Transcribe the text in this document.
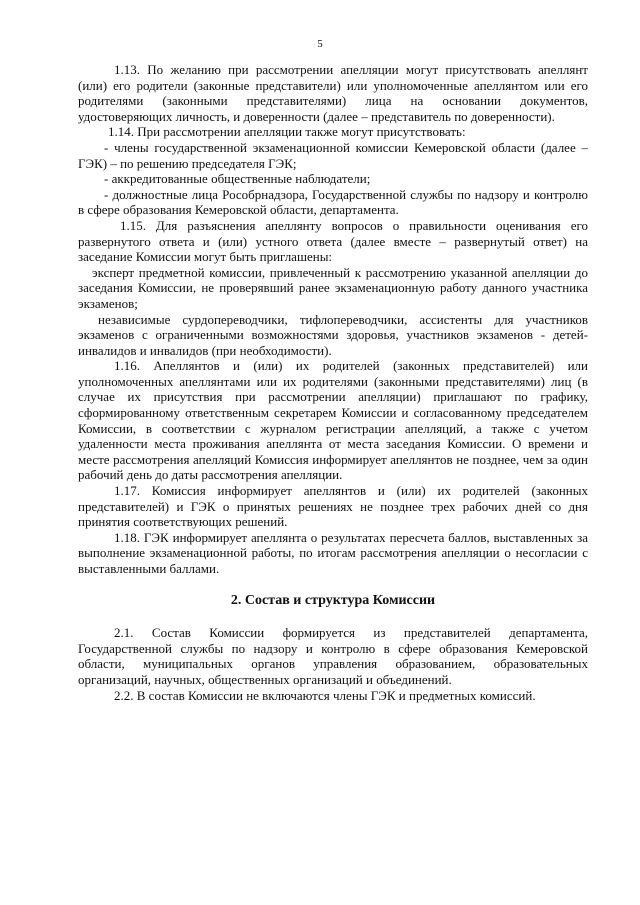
5

1.13. По желанию при рассмотрении апелляции могут присутствовать апеллянт (или) его родители (законные представители) или уполномоченные апеллянтом или его родителями (законными представителями) лица на основании документов, удостоверяющих личность, и доверенности (далее – представитель по доверенности).

1.14. При рассмотрении апелляции также могут присутствовать:

- члены государственной экзаменационной комиссии Кемеровской области (далее – ГЭК) – по решению председателя ГЭК;

- аккредитованные общественные наблюдатели;

- должностные лица Рособрнадзора, Государственной службы по надзору и контролю в сфере образования Кемеровской области, департамента.

1.15. Для разъяснения апеллянту вопросов о правильности оценивания его развернутого ответа и (или) устного ответа (далее вместе – развернутый ответ) на заседание Комиссии могут быть приглашены:

эксперт предметной комиссии, привлеченный к рассмотрению указанной апелляции до заседания Комиссии, не проверявший ранее экзаменационную работу данного участника экзаменов;

независимые сурдопереводчики, тифлопереводчики, ассистенты для участников экзаменов с ограниченными возможностями здоровья, участников экзаменов - детей-инвалидов и инвалидов (при необходимости).

1.16. Апеллянтов и (или) их родителей (законных представителей) или уполномоченных апеллянтами или их родителями (законными представителями) лиц (в случае их присутствия при рассмотрении апелляции) приглашают по графику, сформированному ответственным секретарем Комиссии и согласованному председателем Комиссии, в соответствии с журналом регистрации апелляций, а также с учетом удаленности места проживания апеллянта от места заседания Комиссии. О времени и месте рассмотрения апелляций Комиссия информирует апеллянтов не позднее, чем за один рабочий день до даты рассмотрения апелляции.

1.17. Комиссия информирует апеллянтов и (или) их родителей (законных представителей) и ГЭК о принятых решениях не позднее трех рабочих дней со дня принятия соответствующих решений.

1.18. ГЭК информирует апеллянта о результатах пересчета баллов, выставленных за выполнение экзаменационной работы, по итогам рассмотрения апелляции о несогласии с выставленными баллами.

2. Состав и структура Комиссии

2.1. Состав Комиссии формируется из представителей департамента, Государственной службы по надзору и контролю в сфере образования Кемеровской области, муниципальных органов управления образованием, образовательных организаций, научных, общественных организаций и объединений.

2.2. В состав Комиссии не включаются члены ГЭК и предметных комиссий.
